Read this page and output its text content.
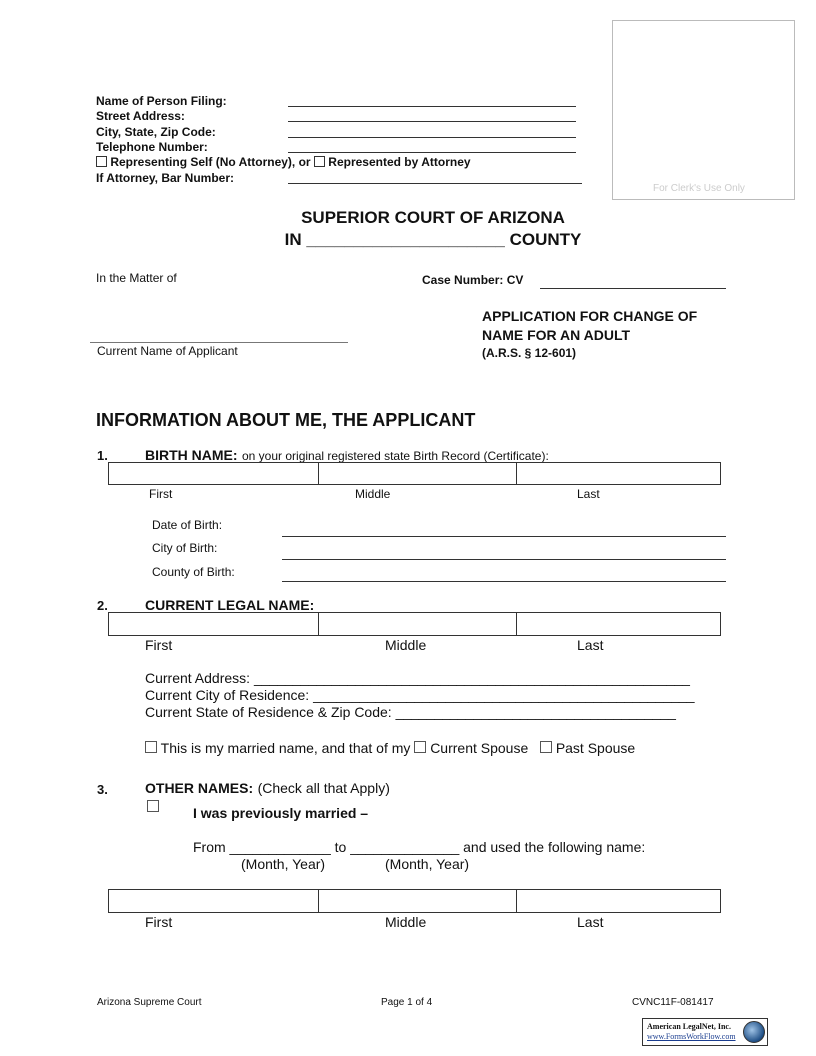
For Clerk's Use Only
Name of Person Filing:
Street Address:
City, State, Zip Code:
Telephone Number:
Representing Self (No Attorney), or Represented by Attorney
If Attorney, Bar Number:
SUPERIOR COURT OF ARIZONA
IN _____________________ COUNTY
In the Matter of	Case Number: CV
APPLICATION FOR CHANGE OF
NAME FOR AN ADULT
(A.R.S. § 12-601)
Current Name of Applicant
INFORMATION ABOUT ME, THE APPLICANT
1.	BIRTH NAME: on your original registered state Birth Record (Certificate):
First	Middle	Last
Date of Birth:
City of Birth:
County of Birth:
2.	CURRENT LEGAL NAME:
First	Middle	Last
Current Address: ________________________________________________________
Current City of Residence: _________________________________________________
Current State of Residence & Zip Code: ____________________________________
This is my married name, and that of my Current Spouse Past Spouse
3.	OTHER NAMES: (Check all that Apply)
I was previously married –
From _____________ to ______________ and used the following name:
(Month, Year)	(Month, Year)
First	Middle	Last
Arizona Supreme Court	Page 1 of 4	CVNC11F-081417
American LegalNet, Inc.
www.FormsWorkFlow.com
